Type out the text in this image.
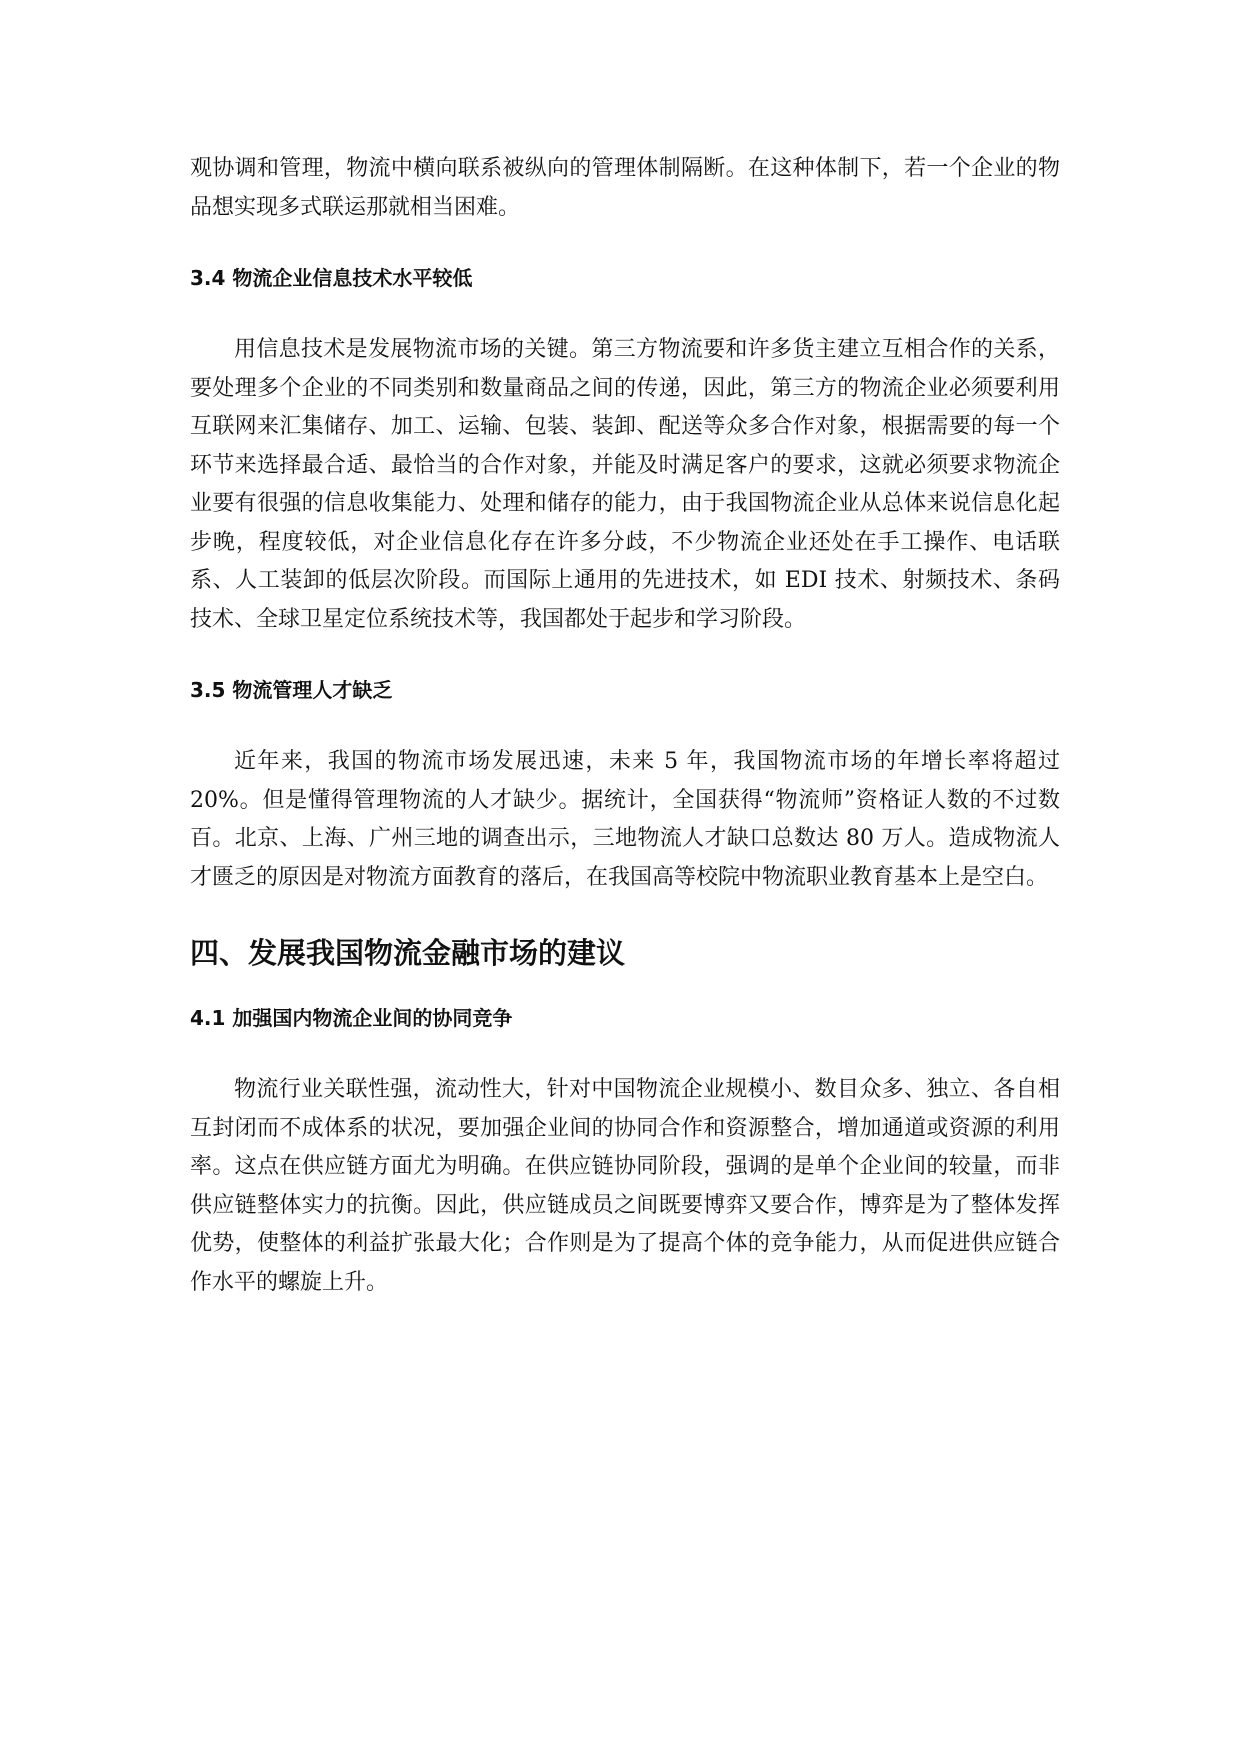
观协调和管理，物流中横向联系被纵向的管理体制隔断。在这种体制下，若一个企业的物品想实现多式联运那就相当困难。

3.4 物流企业信息技术水平较低

用信息技术是发展物流市场的关键。第三方物流要和许多货主建立互相合作的关系，要处理多个企业的不同类别和数量商品之间的传递，因此，第三方的物流企业必须要利用互联网来汇集储存、加工、运输、包装、装卸、配送等众多合作对象，根据需要的每一个环节来选择最合适、最恰当的合作对象，并能及时满足客户的要求，这就必须要求物流企业要有很强的信息收集能力、处理和储存的能力，由于我国物流企业从总体来说信息化起步晚，程度较低，对企业信息化存在许多分歧，不少物流企业还处在手工操作、电话联系、人工装卸的低层次阶段。而国际上通用的先进技术，如 EDI 技术、射频技术、条码技术、全球卫星定位系统技术等，我国都处于起步和学习阶段。

3.5 物流管理人才缺乏

近年来，我国的物流市场发展迅速，未来 5 年，我国物流市场的年增长率将超过 20%。但是懂得管理物流的人才缺少。据统计，全国获得“物流师”资格证人数的不过数百。北京、上海、广州三地的调查出示，三地物流人才缺口总数达 80 万人。造成物流人才匮乏的原因是对物流方面教育的落后，在我国高等校院中物流职业教育基本上是空白。

四、发展我国物流金融市场的建议
4.1 加强国内物流企业间的协同竞争

物流行业关联性强，流动性大，针对中国物流企业规模小、数目众多、独立、各自相互封闭而不成体系的状况，要加强企业间的协同合作和资源整合，增加通道或资源的利用率。这点在供应链方面尤为明确。在供应链协同阶段，强调的是单个企业间的较量，而非供应链整体实力的抗衡。因此，供应链成员之间既要博弈又要合作，博弈是为了整体发挥优势，使整体的利益扩张最大化；合作则是为了提高个体的竞争能力，从而促进供应链合作水平的螺旋上升。
